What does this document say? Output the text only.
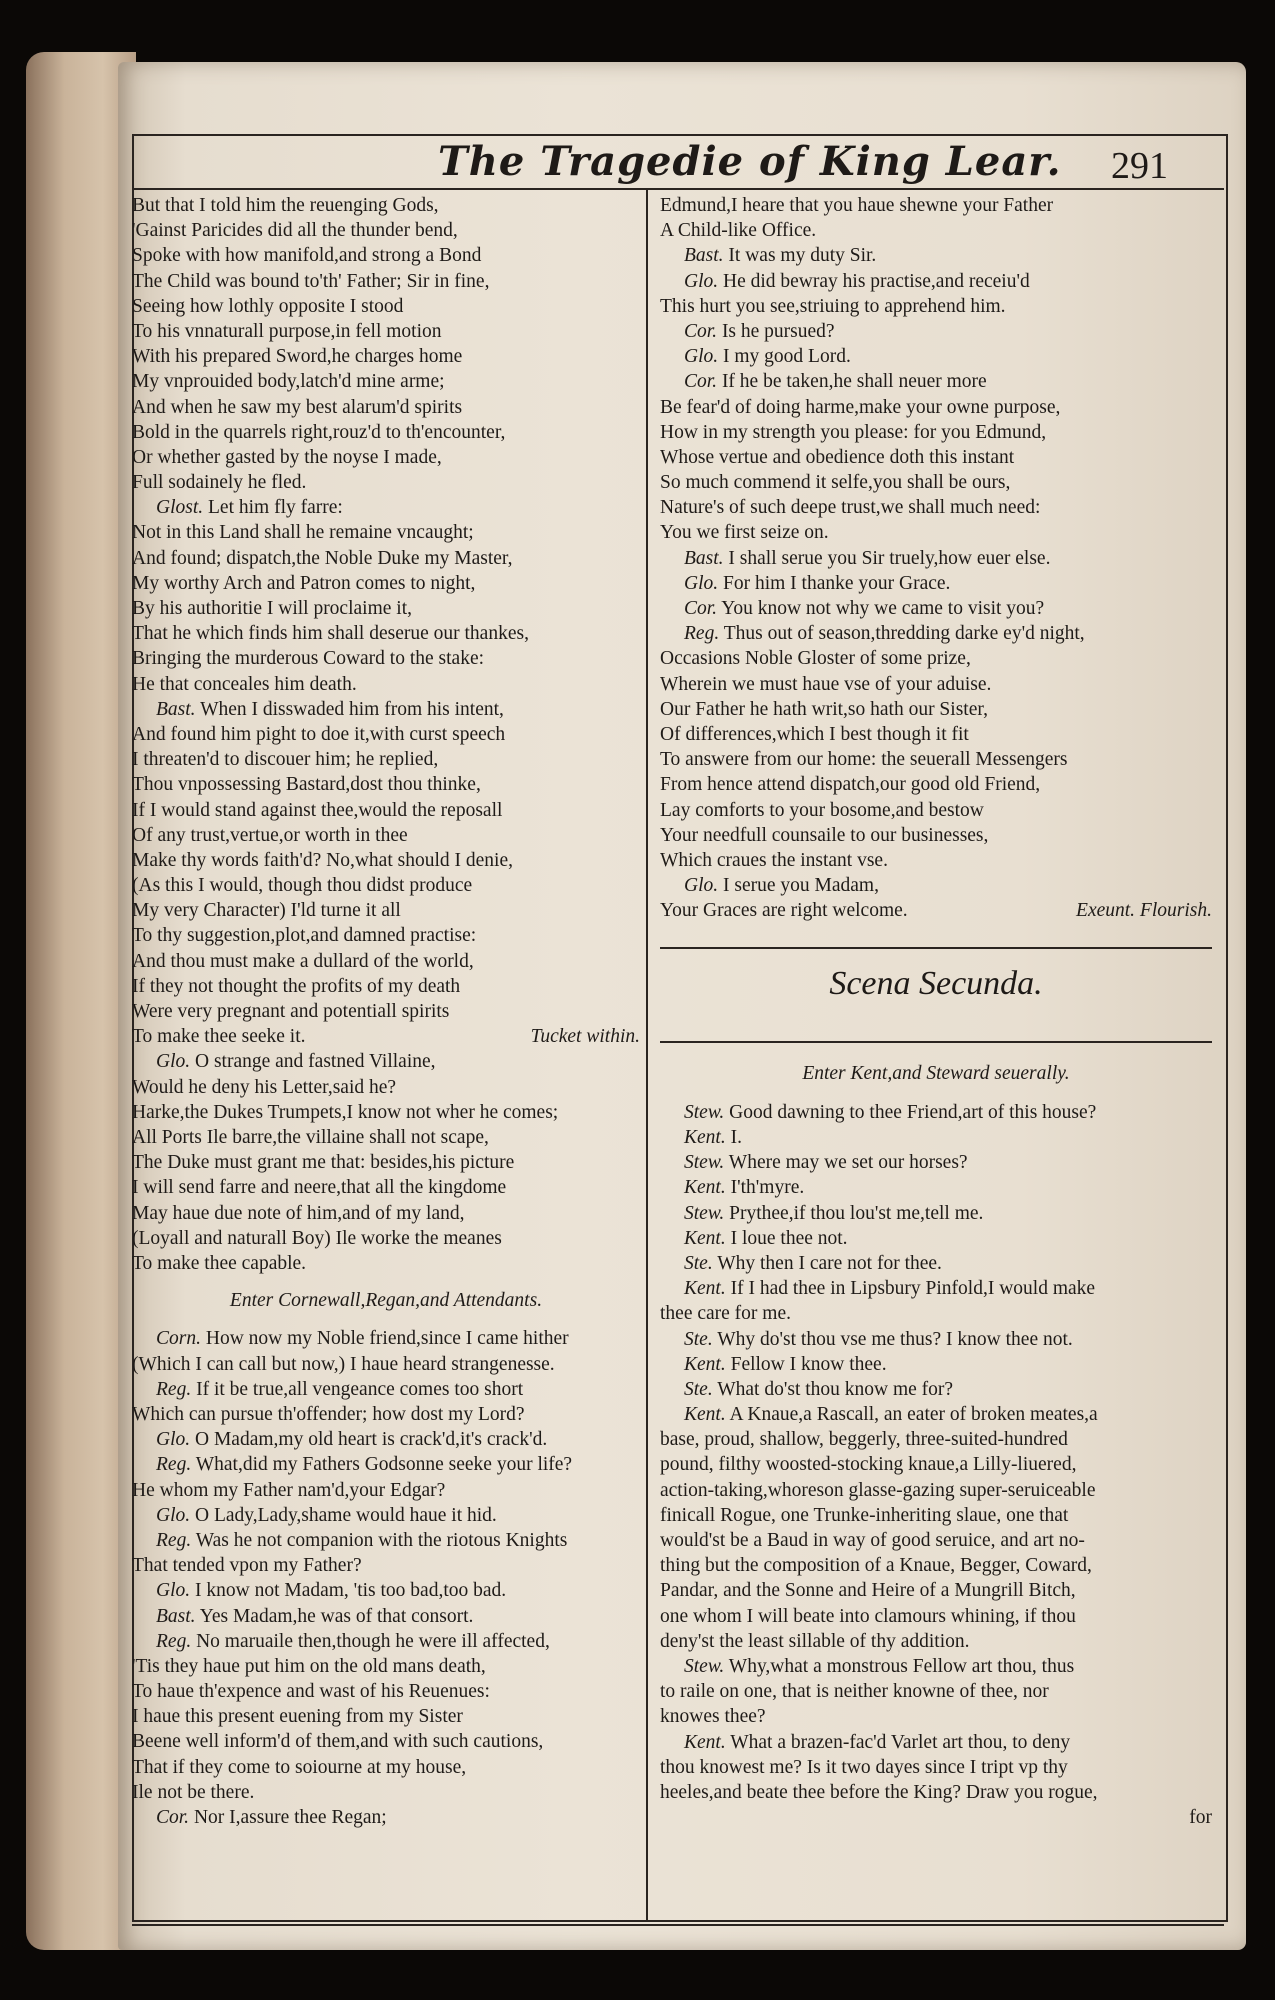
The Tragedie of King Lear.	291
But that I told him the reuenging Gods,
'Gainst Paricides did all the thunder bend,
Spoke with how manifold,and strong a Bond
The Child was bound to'th' Father; Sir in fine,
Seeing how lothly opposite I stood
To his vnnaturall purpose,in fell motion
With his prepared Sword,he charges home
My vnprouided body,latch'd mine arme;
And when he saw my best alarum'd spirits
Bold in the quarrels right,rouz'd to th'encounter,
Or whether gasted by the noyse I made,
Full sodainely he fled.
Glost. Let him fly farre:
Not in this Land shall he remaine vncaught;
And found; dispatch,the Noble Duke my Master,
My worthy Arch and Patron comes to night,
By his authoritie I will proclaime it,
That he which finds him shall deserue our thankes,
Bringing the murderous Coward to the stake:
He that conceales him death.
Bast. When I disswaded him from his intent,
And found him pight to doe it,with curst speech
I threaten'd to discouer him; he replied,
Thou vnpossessing Bastard,dost thou thinke,
If I would stand against thee,would the reposall
Of any trust,vertue,or worth in thee
Make thy words faith'd? No,what should I denie,
(As this I would, though thou didst produce
My very Character) I'ld turne it all
To thy suggestion,plot,and damned practise:
And thou must make a dullard of the world,
If they not thought the profits of my death
Were very pregnant and potentiall spirits
Tucket within.
To make thee seeke it.
Glo. O strange and fastned Villaine,
Would he deny his Letter,said he?
Harke,the Dukes Trumpets,I know not wher he comes;
All Ports Ile barre,the villaine shall not scape,
The Duke must grant me that: besides,his picture
I will send farre and neere,that all the kingdome
May haue due note of him,and of my land,
(Loyall and naturall Boy) Ile worke the meanes
To make thee capable.
Enter Cornewall,Regan,and Attendants.
Corn. How now my Noble friend,since I came hither
(Which I can call but now,) I haue heard strangenesse.
Reg. If it be true,all vengeance comes too short
Which can pursue th'offender; how dost my Lord?
Glo. O Madam,my old heart is crack'd,it's crack'd.
Reg. What,did my Fathers Godsonne seeke your life?
He whom my Father nam'd,your Edgar?
Glo. O Lady,Lady,shame would haue it hid.
Reg. Was he not companion with the riotous Knights
That tended vpon my Father?
Glo. I know not Madam, 'tis too bad,too bad.
Bast. Yes Madam,he was of that consort.
Reg. No maruaile then,though he were ill affected,
'Tis they haue put him on the old mans death,
To haue th'expence and wast of his Reuenues:
I haue this present euening from my Sister
Beene well inform'd of them,and with such cautions,
That if they come to soiourne at my house,
Ile not be there.
Cor. Nor I,assure thee Regan;
Edmund,I heare that you haue shewne your Father
A Child-like Office.
Bast. It was my duty Sir.
Glo. He did bewray his practise,and receiu'd
This hurt you see,striuing to apprehend him.
Cor. Is he pursued?
Glo. I my good Lord.
Cor. If he be taken,he shall neuer more
Be fear'd of doing harme,make your owne purpose,
How in my strength you please: for you Edmund,
Whose vertue and obedience doth this instant
So much commend it selfe,you shall be ours,
Nature's of such deepe trust,we shall much need:
You we first seize on.
Bast. I shall serue you Sir truely,how euer else.
Glo. For him I thanke your Grace.
Cor. You know not why we came to visit you?
Reg. Thus out of season,thredding darke ey'd night,
Occasions Noble Gloster of some prize,
Wherein we must haue vse of your aduise.
Our Father he hath writ,so hath our Sister,
Of differences,which I best though it fit
To answere from our home: the seuerall Messengers
From hence attend dispatch,our good old Friend,
Lay comforts to your bosome,and bestow
Your needfull counsaile to our businesses,
Which craues the instant vse.
Glo. I serue you Madam,
Exeunt. Flourish.
Your Graces are right welcome.
Scena Secunda.
Enter Kent,and Steward seuerally.
Stew. Good dawning to thee Friend,art of this house?
Kent. I.
Stew. Where may we set our horses?
Kent. I'th'myre.
Stew. Prythee,if thou lou'st me,tell me.
Kent. I loue thee not.
Ste. Why then I care not for thee.
Kent. If I had thee in Lipsbury Pinfold,I would make
thee care for me.
Ste. Why do'st thou vse me thus? I know thee not.
Kent. Fellow I know thee.
Ste. What do'st thou know me for?
Kent. A Knaue,a Rascall, an eater of broken meates,a
base, proud, shallow, beggerly, three-suited-hundred
pound, filthy woosted-stocking knaue,a Lilly-liuered,
action-taking,whoreson glasse-gazing super-seruiceable
finicall Rogue, one Trunke-inheriting slaue, one that
would'st be a Baud in way of good seruice, and art no-
thing but the composition of a Knaue, Begger, Coward,
Pandar, and the Sonne and Heire of a Mungrill Bitch,
one whom I will beate into clamours whining, if thou
deny'st the least sillable of thy addition.
Stew. Why,what a monstrous Fellow art thou, thus
to raile on one, that is neither knowne of thee, nor
knowes thee?
Kent. What a brazen-fac'd Varlet art thou, to deny
thou knowest me? Is it two dayes since I tript vp thy
heeles,and beate thee before the King? Draw you rogue,
for
